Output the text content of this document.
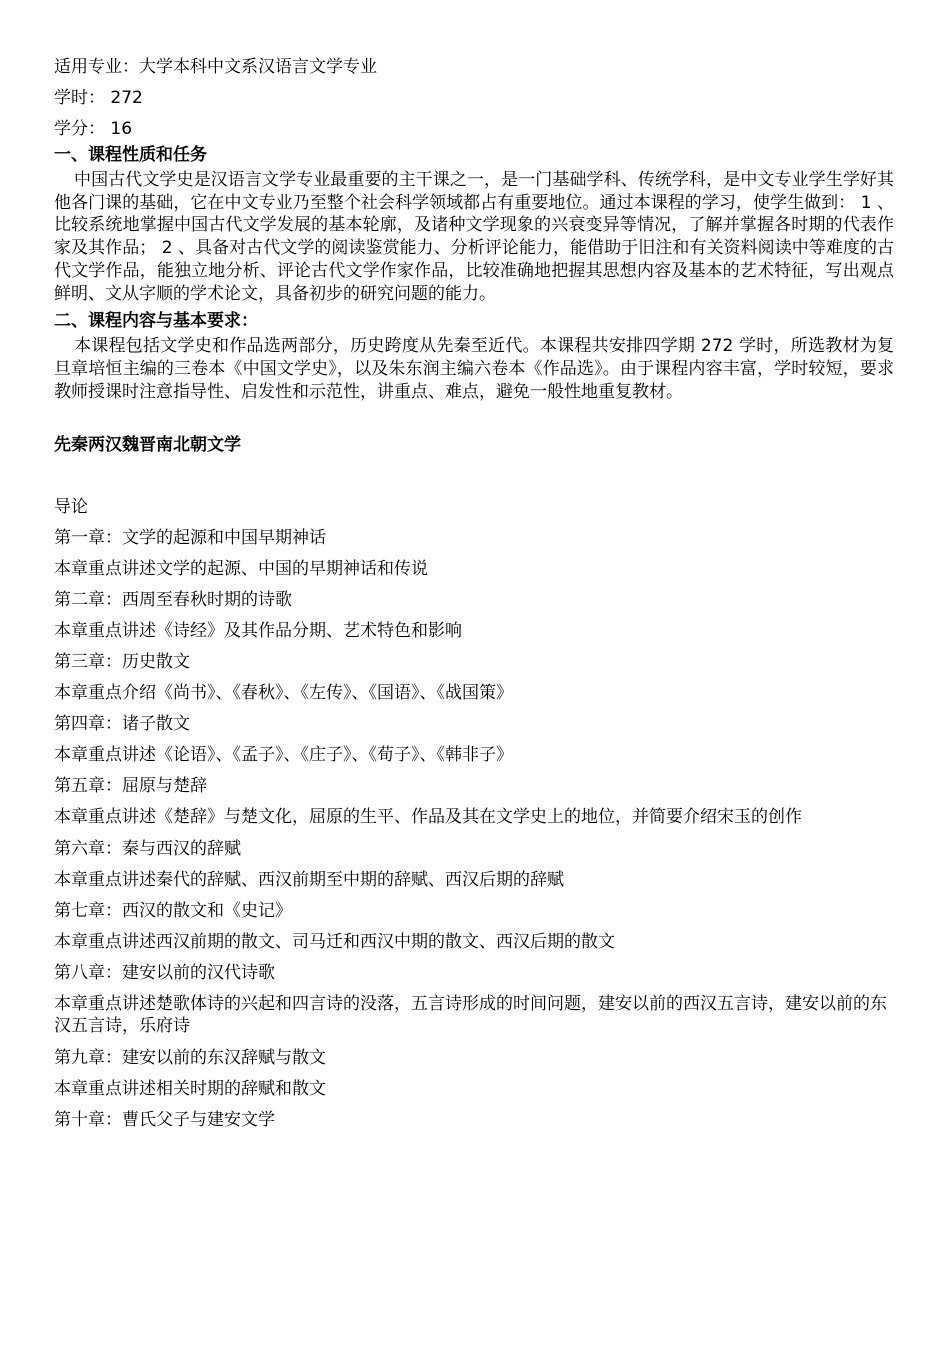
适用专业：大学本科中文系汉语言文学专业
学时： 272
学分： 16
一、课程性质和任务
中国古代文学史是汉语言文学专业最重要的主干课之一，是一门基础学科、传统学科，是中文专业学生学好其他各门课的基础，它在中文专业乃至整个社会科学领域都占有重要地位。通过本课程的学习，使学生做到： 1 、比较系统地掌握中国古代文学发展的基本轮廓，及诸种文学现象的兴衰变异等情况，了解并掌握各时期的代表作家及其作品； 2 、具备对古代文学的阅读鉴赏能力、分析评论能力，能借助于旧注和有关资料阅读中等难度的古代文学作品，能独立地分析、评论古代文学作家作品，比较准确地把握其思想内容及基本的艺术特征，写出观点鲜明、文从字顺的学术论文，具备初步的研究问题的能力。
二、课程内容与基本要求：
本课程包括文学史和作品选两部分，历史跨度从先秦至近代。本课程共安排四学期 272 学时，所选教材为复旦章培恒主编的三卷本《中国文学史》，以及朱东润主编六卷本《作品选》。由于课程内容丰富，学时较短，要求教师授课时注意指导性、启发性和示范性，讲重点、难点，避免一般性地重复教材。
先秦两汉魏晋南北朝文学
导论
第一章：文学的起源和中国早期神话
本章重点讲述文学的起源、中国的早期神话和传说
第二章：西周至春秋时期的诗歌
本章重点讲述《诗经》及其作品分期、艺术特色和影响
第三章：历史散文
本章重点介绍《尚书》、《春秋》、《左传》、《国语》、《战国策》
第四章：诸子散文
本章重点讲述《论语》、《孟子》、《庄子》、《荀子》、《韩非子》
第五章：屈原与楚辞
本章重点讲述《楚辞》与楚文化，屈原的生平、作品及其在文学史上的地位，并简要介绍宋玉的创作
第六章：秦与西汉的辞赋
本章重点讲述秦代的辞赋、西汉前期至中期的辞赋、西汉后期的辞赋
第七章：西汉的散文和《史记》
本章重点讲述西汉前期的散文、司马迁和西汉中期的散文、西汉后期的散文
第八章：建安以前的汉代诗歌
本章重点讲述楚歌体诗的兴起和四言诗的没落，五言诗形成的时间问题，建安以前的西汉五言诗，建安以前的东汉五言诗，乐府诗
第九章：建安以前的东汉辞赋与散文
本章重点讲述相关时期的辞赋和散文
第十章：曹氏父子与建安文学
